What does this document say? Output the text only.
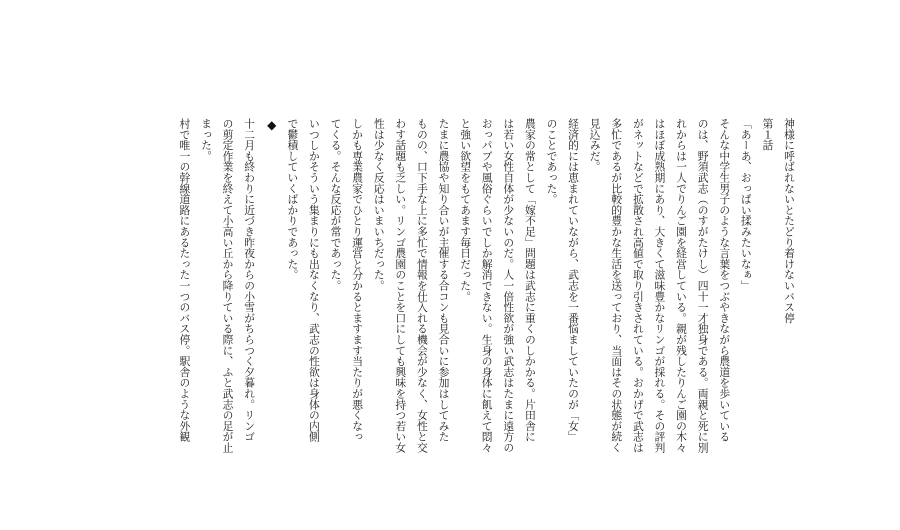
神様に呼ばれないとたどり着けないバス停
第１話
「あーあ、おっぱい揉みたいなぁ」
そんな中学生男子のような言葉をつぶやきながら農道を歩いている
のは、野須武志（のすがたけし）四十一才独身である。両親と死に別
れからは一人でりんご園を経営している。親が残したりんご園の木々
はほぼ成熟期にあり、大きくて滋味豊かなリンゴが採れる。その評判
がネットなどで拡散され高値で取り引きされている。おかげで武志は
多忙であるが比較的豊かな生活を送っており、当面はその状態が続く
見込みだ。
経済的には恵まれていながら、武志を一番悩ましていたのが「女」
のことであった。
農家の常として「嫁不足」問題は武志に重くのしかかる。片田舎に
は若い女性自体が少ないのだ。人一倍性欲が強い武志はたまに遠方の
おっパブや風俗ぐらいでしか解消できない。生身の身体に飢えて悶々
と強い欲望をもてあます毎日だった。
たまに農協や知り合いが主催する合コンも見合いに参加はしてみた
ものの、口下手な上に多忙で情報を仕入れる機会が少なく、女性と交
わす話題も乏しい。リンゴ農園のことを口にしても興味を持つ若い女
性は少なく反応はいまいちだった。
しかも専業農家でひとり運営と分かるとますます当たりが悪くなっ
てくる。そんな反応が常であった。
いつしかそういう集まりにも出なくなり、武志の性欲は身体の内側
で鬱積していくばかりであった。
◆
十二月も終わりに近づき昨夜からの小雪がちらつく夕暮れ。リンゴ
の剪定作業を終えて小高い丘から降りている際に、ふと武志の足が止
まった。
村で唯一の幹線道路にあるたった一つのバス停。駅舎のような外観
